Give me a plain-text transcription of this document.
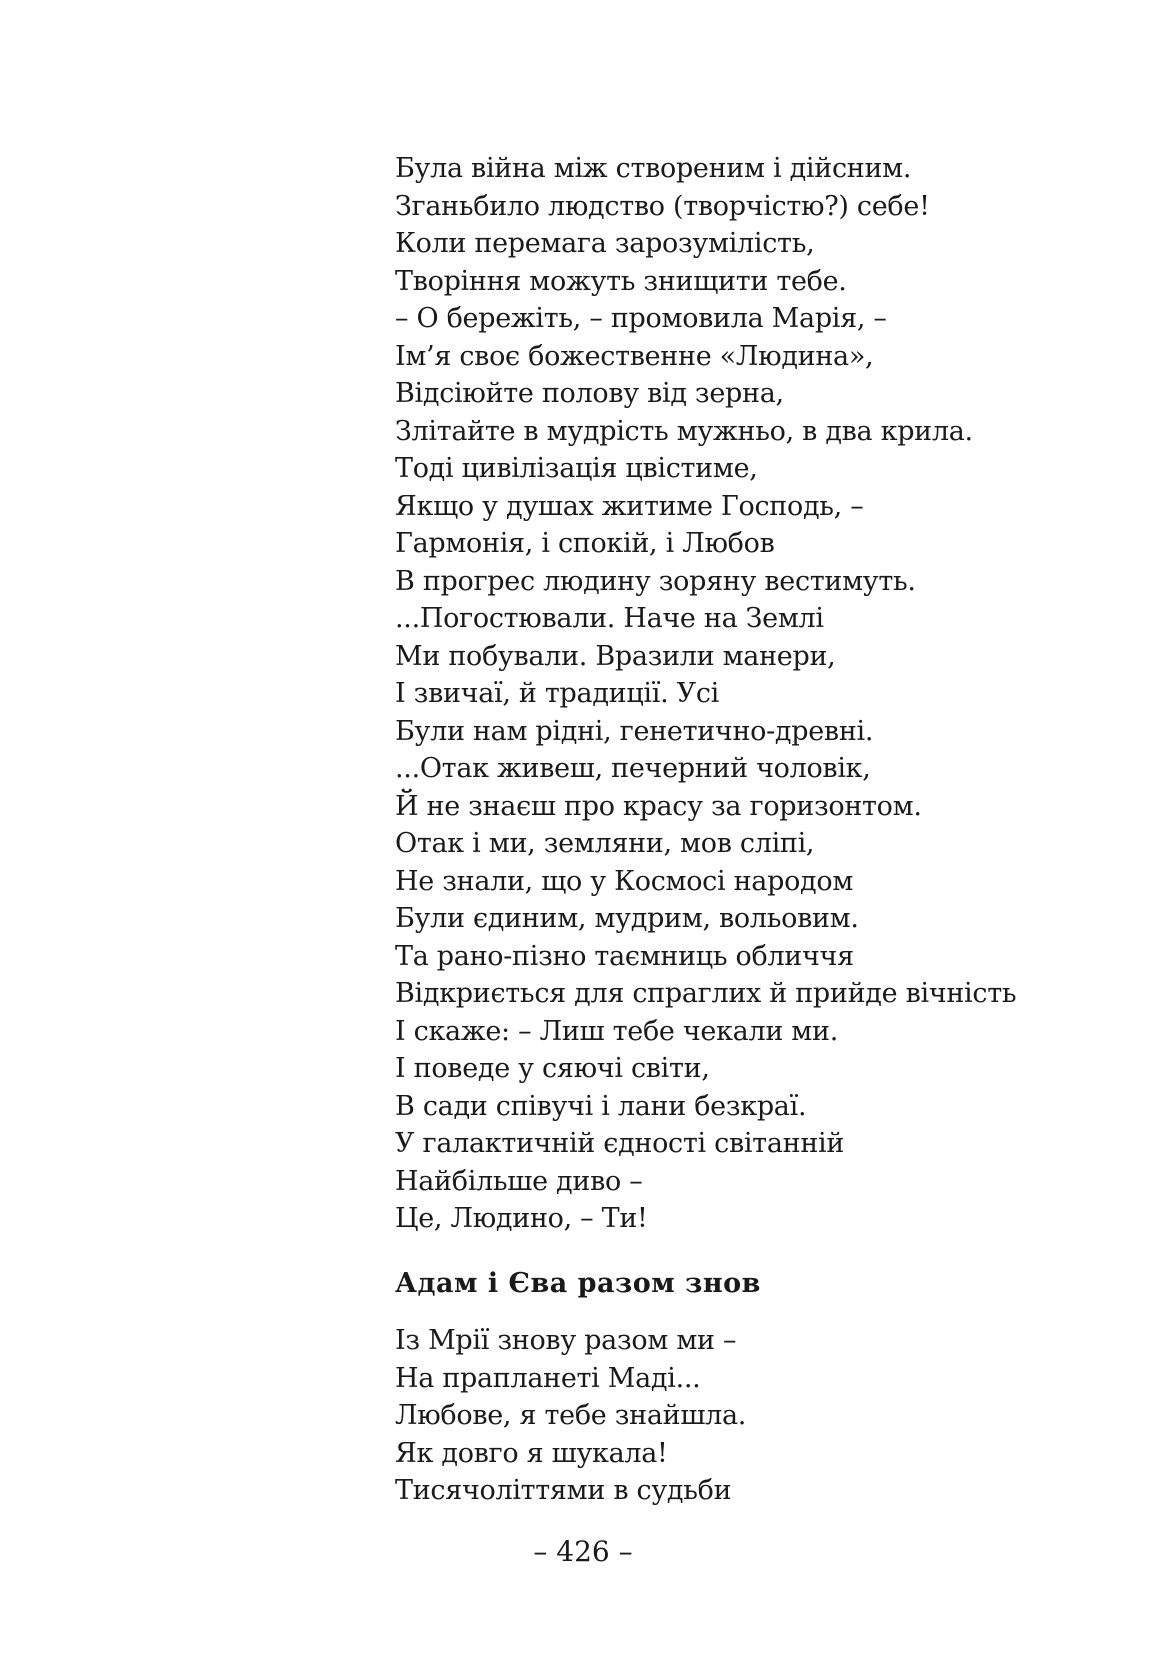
Була війна між створеним і дійсним.
Зганьбило людство (творчістю?) себе!
Коли перемага зарозумілість,
Творіння можуть знищити тебе.
– О бережіть, – промовила Марія, –
Ім’я своє божественне «Людина»,
Відсіюйте полову від зерна,
Злітайте в мудрість мужньо, в два крила.
Тоді цивілізація цвістиме,
Якщо у душах житиме Господь, –
Гармонія, і спокій, і Любов
В прогрес людину зоряну вестимуть.
...Погостювали. Наче на Землі
Ми побували. Вразили манери,
І звичаї, й традиції. Усі
Були нам рідні, генетично-древні.
...Отак живеш, печерний чоловік,
Й не знаєш про красу за горизонтом.
Отак і ми, земляни, мов сліпі,
Не знали, що у Космосі народом
Були єдиним, мудрим, вольовим.
Та рано-пізно таємниць обличчя
Відкриється для спраглих й прийде вічність
І скаже: – Лиш тебе чекали ми.
І поведе у сяючі світи,
В сади співучі і лани безкраї.
У галактичній єдності світанній
Найбільше диво –
Це, Людино, – Ти!
Адам і Єва разом знов
Із Мрії знову разом ми –
На праплaнеті Маді...
Любове, я тебе знайшла.
Як довго я шукала!
Тисячоліттями в судьби
– 426 –
